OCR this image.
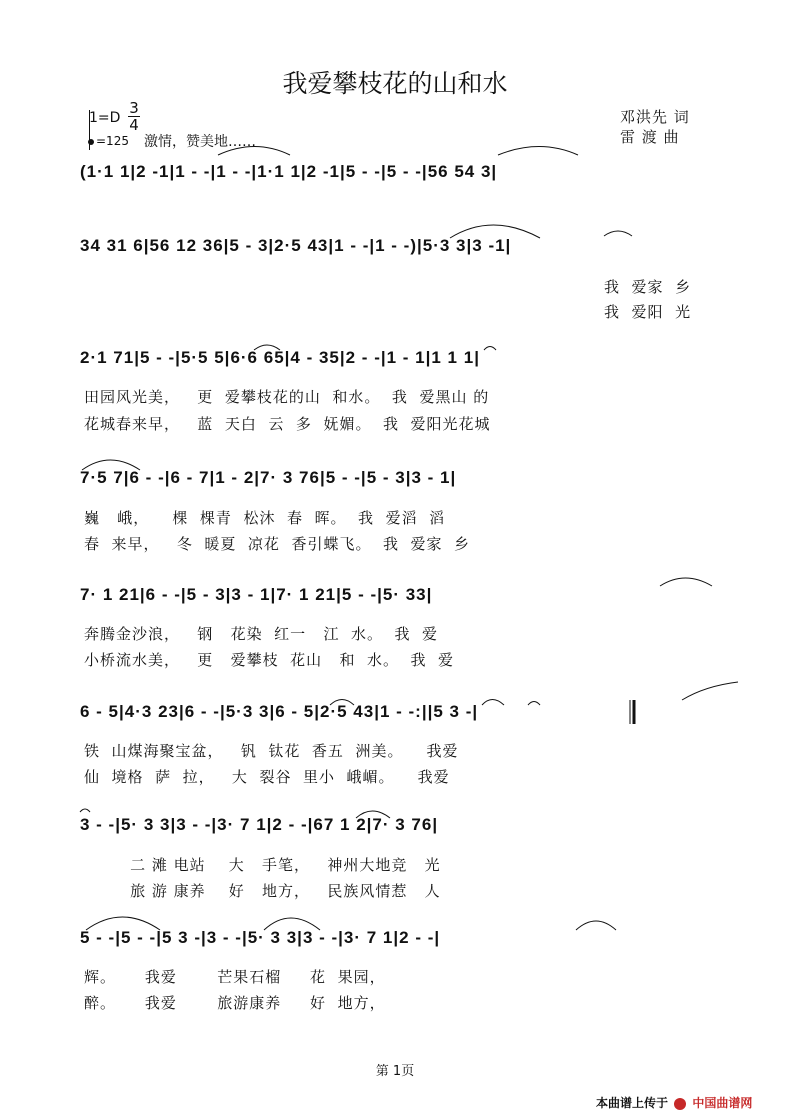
我爱攀枝花的山和水
邓洪先 词
雷 渡 曲
1=D
3
4
=125 激情，赞美地……
(1·1 1|2 -1|1 - -|1 - -|1·1 1|2 -1|5 - -|5 - -|56 54 3|
34 31 6|56 12 36|5 - 3|2·5 43|1 - -|1 - -)|5·3 3|3 -1|
我  爱家  乡
我  爱阳  光
2·1 71|5 - -|5·5 5|6·6 65|4 - 35|2 - -|1 - 1|1 1 1|
田园风光美，   更  爱攀枝花的山  和水。  我  爱黑山 的
花城春来早，   蓝  天白  云  多  妩媚。  我  爱阳光花城
7·5 7|6 - -|6 - 7|1 - 2|7· 3 76|5 - -|5 - 3|3 - 1|
巍   峨，    棵  棵青  松沐  春  晖。  我  爱滔  滔
春  来早，   冬  暖夏  凉花  香引蝶飞。  我  爱家  乡
7· 1 21|6 - -|5 - 3|3 - 1|7· 1 21|5 - -|5· 33|
奔腾金沙浪，   钢   花染  红一   江  水。  我  爱
小桥流水美，   更   爱攀枝  花山   和  水。  我  爱
6 - 5|4·3 23|6 - -|5·3 3|6 - 5|2·5 43|1 - -:||5 3 -|
铁  山煤海聚宝盆，   钒  钛花  香五  洲美。    我爱
仙  境格  萨  拉，   大  裂谷  里小  峨嵋。    我爱
3 - -|5· 3 3|3 - -|3· 7 1|2 - -|67 1 2|7· 3 76|
二 滩 电站    大   手笔，   神州大地竞   光
旅 游 康养    好   地方，   民族风情惹   人
5 - -|5 - -|5 3 -|3 - -|5· 3 3|3 - -|3· 7 1|2 - -|
辉。     我爱       芒果石榴     花  果园，
醉。     我爱       旅游康养     好  地方，
第 1页
本曲谱上传于 中国曲谱网
